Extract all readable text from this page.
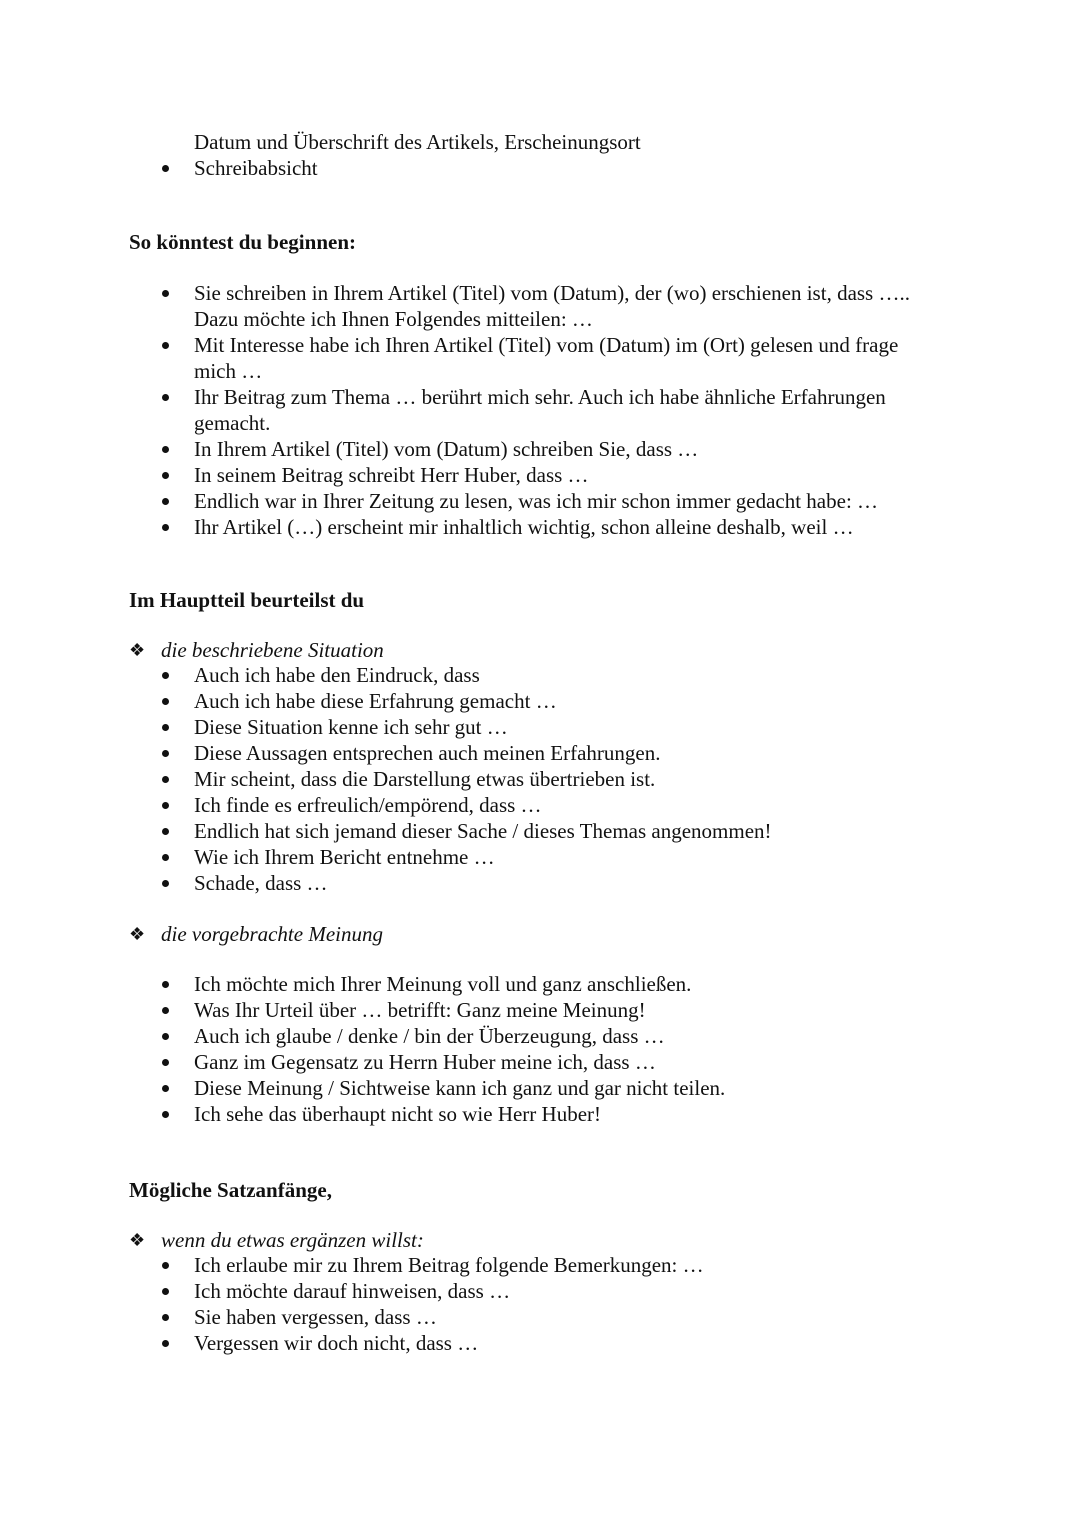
Datum und Überschrift des Artikels, Erscheinungsort
Schreibabsicht
So könntest du beginnen:
Sie schreiben in Ihrem Artikel (Titel) vom (Datum), der (wo) erschienen ist, dass …..
Dazu möchte ich Ihnen Folgendes mitteilen: …
Mit Interesse habe ich Ihren Artikel (Titel) vom (Datum) im (Ort) gelesen und frage
mich …
Ihr Beitrag zum Thema … berührt mich sehr. Auch ich habe ähnliche Erfahrungen
gemacht.
In Ihrem Artikel (Titel) vom (Datum) schreiben Sie, dass …
In seinem Beitrag schreibt Herr Huber, dass …
Endlich war in Ihrer Zeitung zu lesen, was ich mir schon immer gedacht habe: …
Ihr Artikel (…) erscheint mir inhaltlich wichtig, schon alleine deshalb, weil …
Im Hauptteil beurteilst du
❖ die beschriebene Situation
Auch ich habe den Eindruck, dass
Auch ich habe diese Erfahrung gemacht …
Diese Situation kenne ich sehr gut …
Diese Aussagen entsprechen auch meinen Erfahrungen.
Mir scheint, dass die Darstellung etwas übertrieben ist.
Ich finde es erfreulich/empörend, dass …
Endlich hat sich jemand dieser Sache / dieses Themas angenommen!
Wie ich Ihrem Bericht entnehme …
Schade, dass …
❖ die vorgebrachte Meinung
Ich möchte mich Ihrer Meinung voll und ganz anschließen.
Was Ihr Urteil über … betrifft: Ganz meine Meinung!
Auch ich glaube / denke / bin der Überzeugung, dass …
Ganz im Gegensatz zu Herrn Huber meine ich, dass …
Diese Meinung / Sichtweise kann ich ganz und gar nicht teilen.
Ich sehe das überhaupt nicht so wie Herr Huber!
Mögliche Satzanfänge,
❖ wenn du etwas ergänzen willst:
Ich erlaube mir zu Ihrem Beitrag folgende Bemerkungen: …
Ich möchte darauf hinweisen, dass …
Sie haben vergessen, dass …
Vergessen wir doch nicht, dass …
